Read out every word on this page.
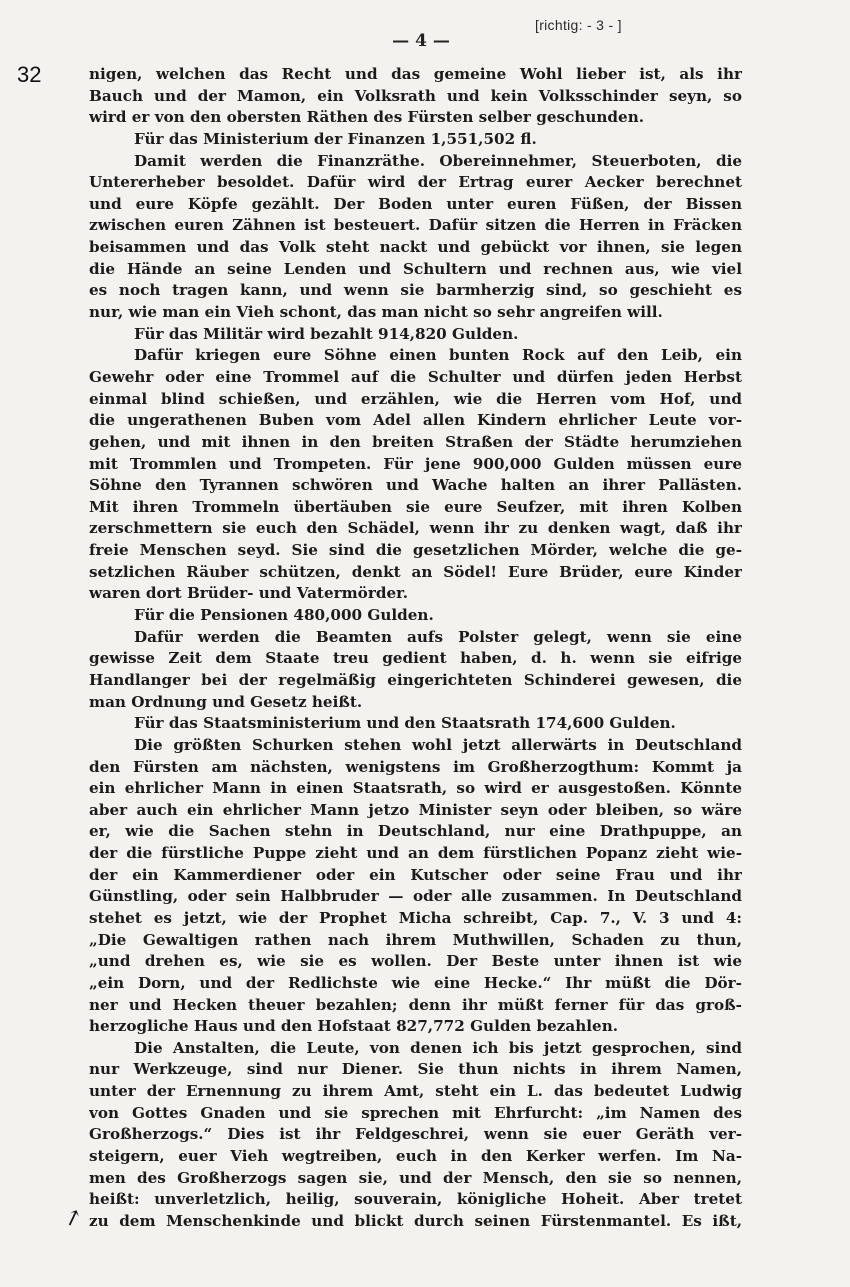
[richtig: - 3 - ]
— 4 —
32	nigen, welchen das Recht und das gemeine Wohl lieber ist, als ihr
Bauch und der Mamon, ein Volksrath und kein Volksschinder seyn, so
wird er von den obersten Räthen des Fürsten selber geschunden.
Für das Ministerium der Finanzen 1,551,502 fl.
Damit werden die Finanzräthe. Obereinnehmer, Steuerboten, die
Untererheber besoldet. Dafür wird der Ertrag eurer Aecker berechnet
und eure Köpfe gezählt. Der Boden unter euren Füßen, der Bissen
zwischen euren Zähnen ist besteuert. Dafür sitzen die Herren in Fräcken
beisammen und das Volk steht nackt und gebückt vor ihnen, sie legen
die Hände an seine Lenden und Schultern und rechnen aus, wie viel
es noch tragen kann, und wenn sie barmherzig sind, so geschieht es
nur, wie man ein Vieh schont, das man nicht so sehr angreifen will.
Für das Militär wird bezahlt 914,820 Gulden.
Dafür kriegen eure Söhne einen bunten Rock auf den Leib, ein
Gewehr oder eine Trommel auf die Schulter und dürfen jeden Herbst
einmal blind schießen, und erzählen, wie die Herren vom Hof, und
die ungerathenen Buben vom Adel allen Kindern ehrlicher Leute vor-
gehen, und mit ihnen in den breiten Straßen der Städte herumziehen
mit Trommlen und Trompeten. Für jene 900,000 Gulden müssen eure
Söhne den Tyrannen schwören und Wache halten an ihrer Pallästen.
Mit ihren Trommeln übertäuben sie eure Seufzer, mit ihren Kolben
zerschmettern sie euch den Schädel, wenn ihr zu denken wagt, daß ihr
freie Menschen seyd. Sie sind die gesetzlichen Mörder, welche die ge-
setzlichen Räuber schützen, denkt an Södel! Eure Brüder, eure Kinder
waren dort Brüder- und Vatermörder.
Für die Pensionen 480,000 Gulden.
Dafür werden die Beamten aufs Polster gelegt, wenn sie eine
gewisse Zeit dem Staate treu gedient haben, d. h. wenn sie eifrige
Handlanger bei der regelmäßig eingerichteten Schinderei gewesen, die
man Ordnung und Gesetz heißt.
Für das Staatsministerium und den Staatsrath 174,600 Gulden.
Die größten Schurken stehen wohl jetzt allerwärts in Deutschland
den Fürsten am nächsten, wenigstens im Großherzogthum: Kommt ja
ein ehrlicher Mann in einen Staatsrath, so wird er ausgestoßen. Könnte
aber auch ein ehrlicher Mann jetzo Minister seyn oder bleiben, so wäre
er, wie die Sachen stehn in Deutschland, nur eine Drathpuppe, an
der die fürstliche Puppe zieht und an dem fürstlichen Popanz zieht wie-
der ein Kammerdiener oder ein Kutscher oder seine Frau und ihr
Günstling, oder sein Halbbruder — oder alle zusammen. In Deutschland
stehet es jetzt, wie der Prophet Micha schreibt, Cap. 7., V. 3 und 4:
„Die Gewaltigen rathen nach ihrem Muthwillen, Schaden zu thun,
„und drehen es, wie sie es wollen. Der Beste unter ihnen ist wie
„ein Dorn, und der Redlichste wie eine Hecke.“ Ihr müßt die Dör-
ner und Hecken theuer bezahlen; denn ihr müßt ferner für das groß-
herzogliche Haus und den Hofstaat 827,772 Gulden bezahlen.
Die Anstalten, die Leute, von denen ich bis jetzt gesprochen, sind
nur Werkzeuge, sind nur Diener. Sie thun nichts in ihrem Namen,
unter der Ernennung zu ihrem Amt, steht ein L. das bedeutet Ludwig
von Gottes Gnaden und sie sprechen mit Ehrfurcht: „im Namen des
Großherzogs.“ Dies ist ihr Feldgeschrei, wenn sie euer Geräth ver-
steigern, euer Vieh wegtreiben, euch in den Kerker werfen. Im Na-
men des Großherzogs sagen sie, und der Mensch, den sie so nennen,
heißt: unverletzlich, heilig, souverain, königliche Hoheit. Aber tretet
zu dem Menschenkinde und blickt durch seinen Fürstenmantel. Es ißt,
↗
